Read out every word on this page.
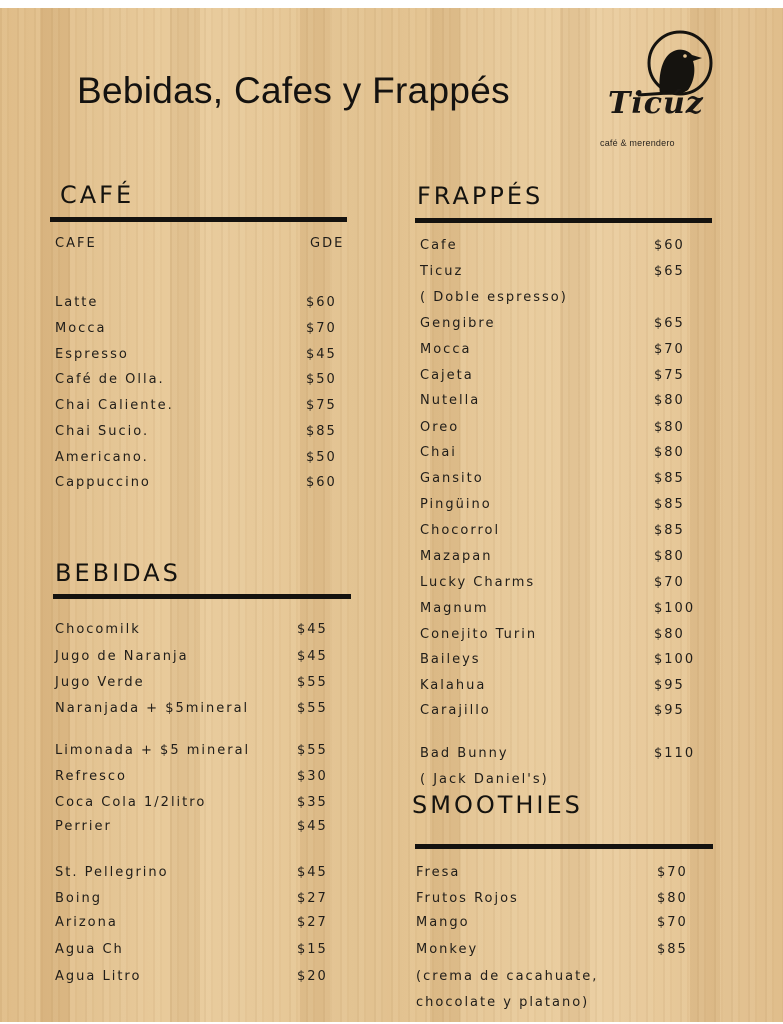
Bebidas, Cafes y Frappés	Ticúz
café & merendero
CAFÉ
CAFE	GDE
BEBIDAS
FRAPPÉS
SMOOTHIES
Latte	$60
Mocca	$70
Espresso	$45
Café de Olla.	$50
Chai Caliente.	$75
Chai Sucio.	$85
Americano.	$50
Cappuccino	$60
Chocomilk	$45
Jugo de Naranja	$45
Jugo Verde	$55
Naranjada + $5mineral	$55
Limonada + $5 mineral	$55
Refresco	$30
Coca Cola 1/2litro	$35
Perrier	$45
St. Pellegrino	$45
Boing	$27
Arizona	$27
Agua Ch	$15
Agua Litro	$20
Cafe	$60
Ticuz	$65
( Doble espresso)
Gengibre	$65
Mocca	$70
Cajeta	$75
Nutella	$80
Oreo	$80
Chai	$80
Gansito	$85
Pingüino	$85
Chocorrol	$85
Mazapan	$80
Lucky Charms	$70
Magnum	$100
Conejito Turin	$80
Baileys	$100
Kalahua	$95
Carajillo	$95
Bad Bunny	$110
( Jack Daniel's)
Fresa	$70
Frutos Rojos	$80
Mango	$70
Monkey	$85
(crema de cacahuate,
chocolate y platano)
